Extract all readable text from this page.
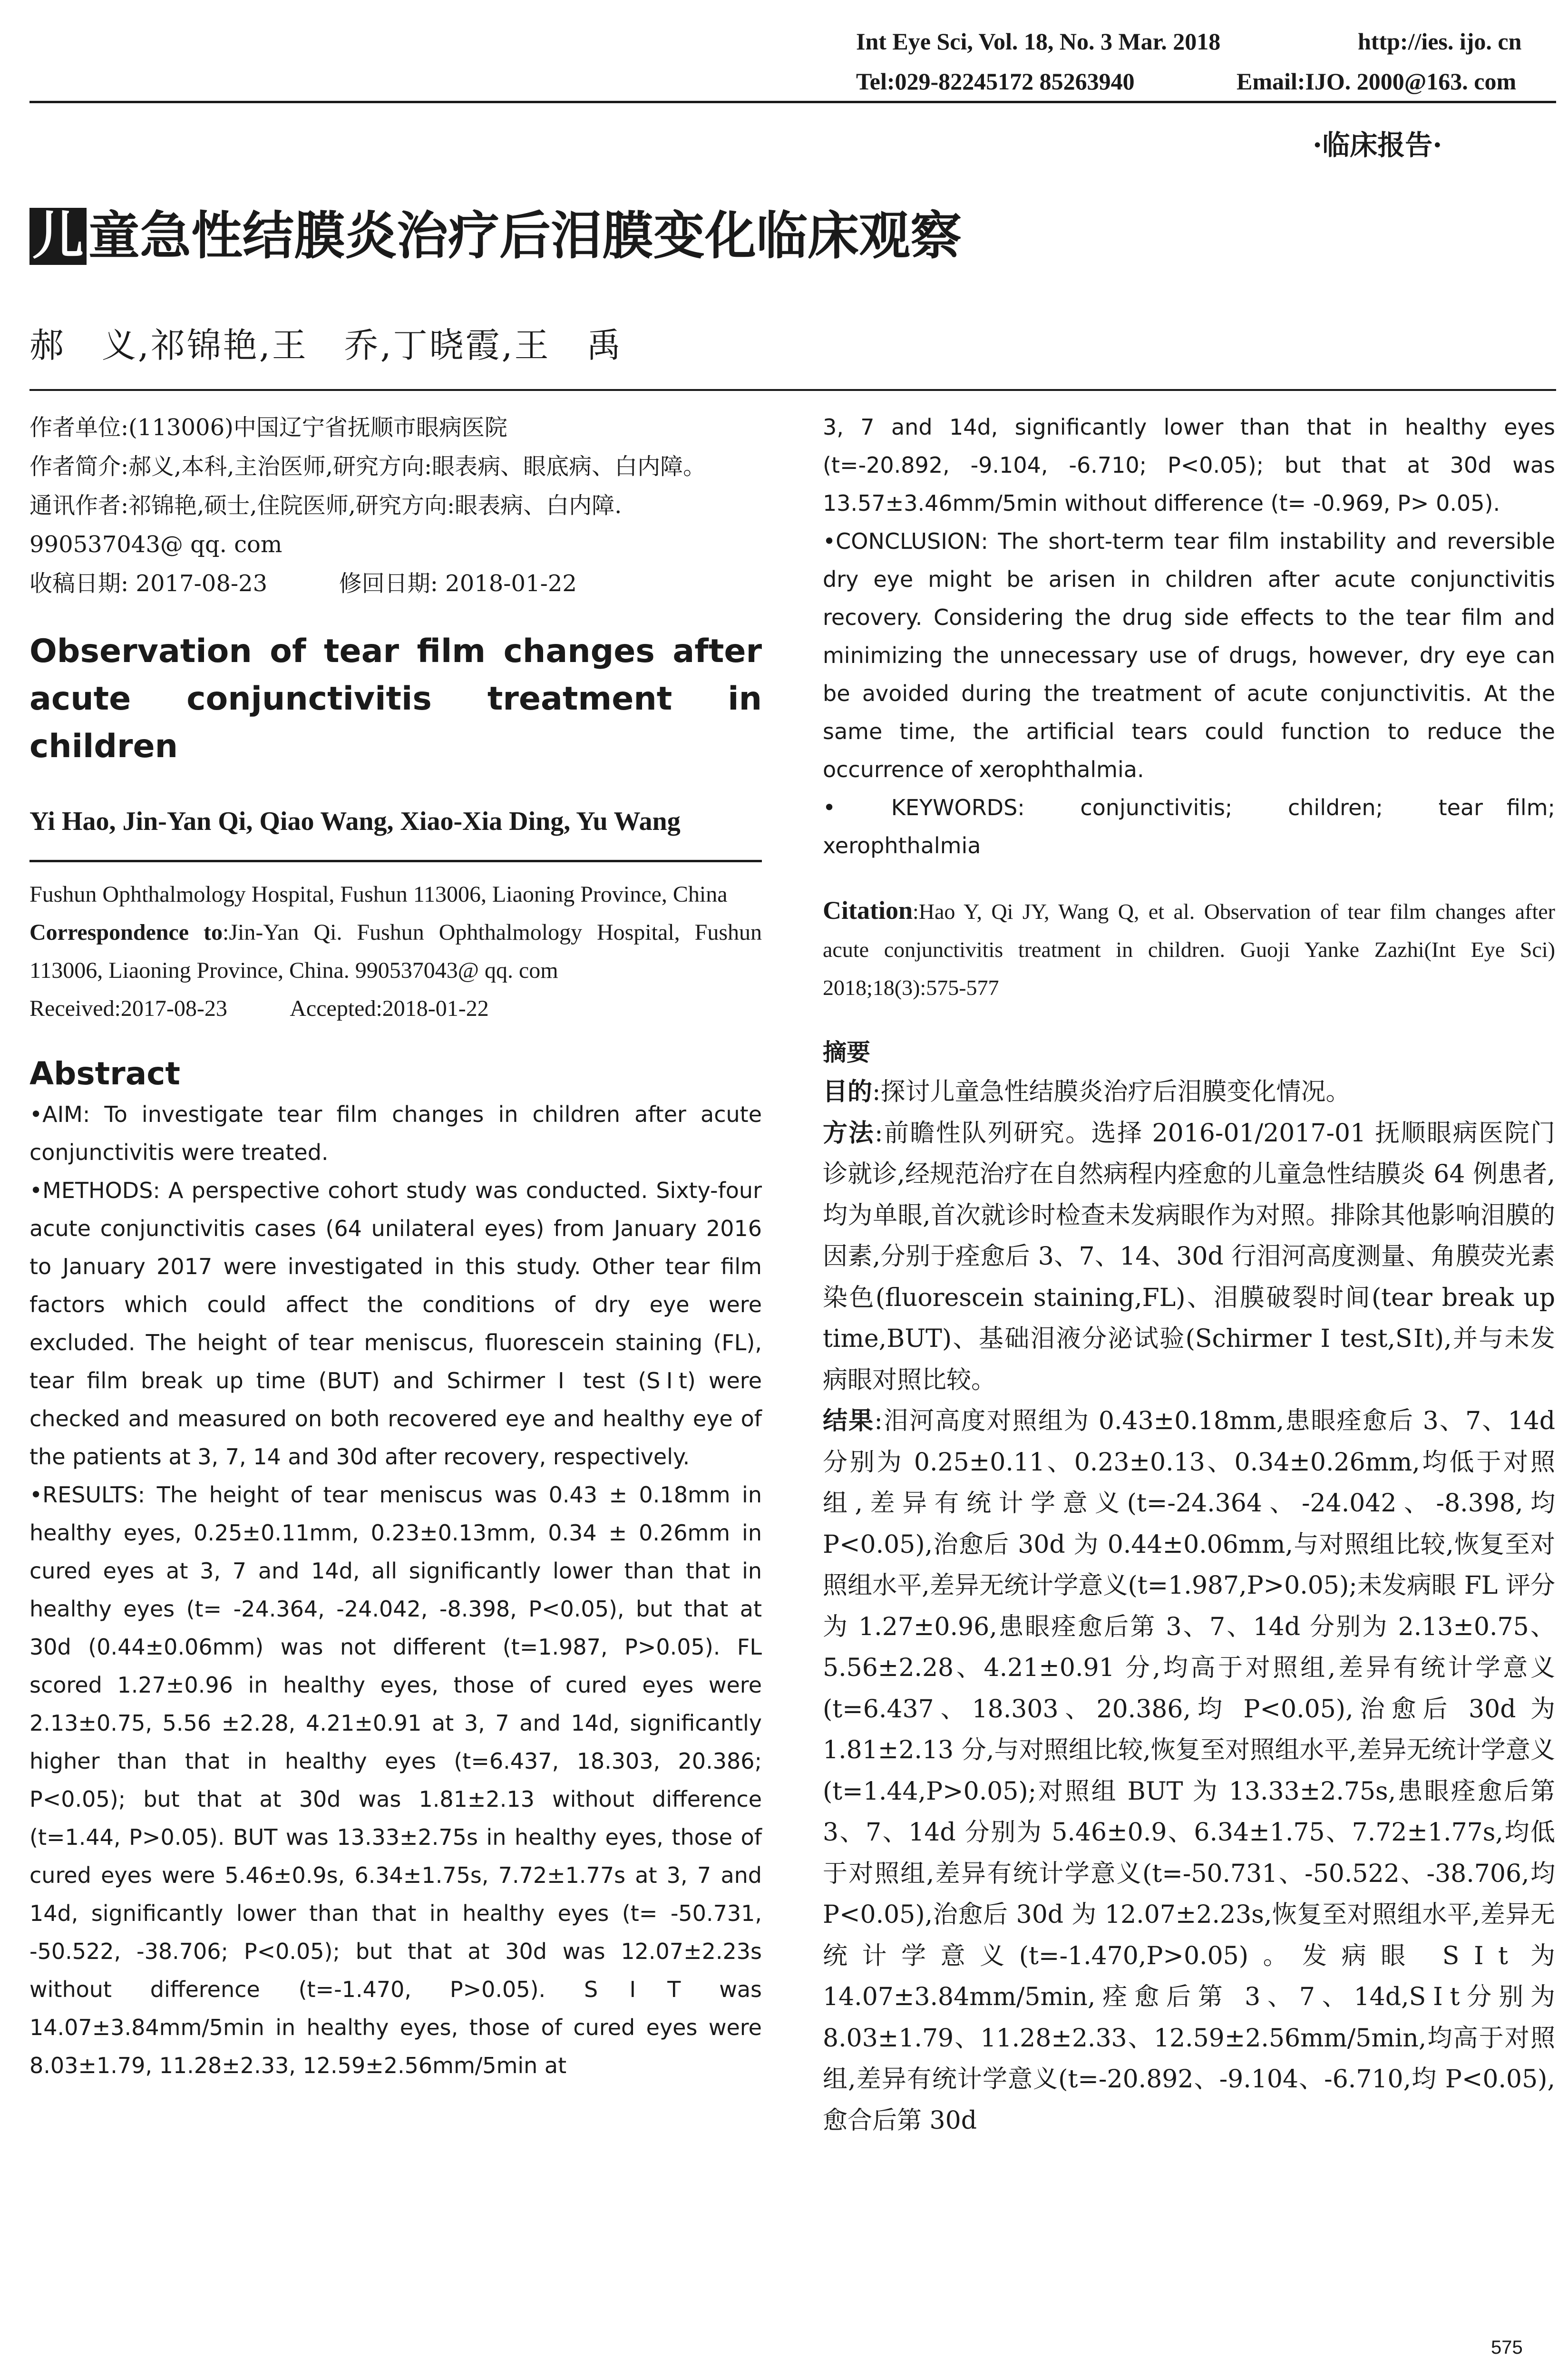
Int Eye Sci, Vol. 18, No. 3 Mar. 2018	http://ies. ijo. cn
Tel:029-82245172 85263940	Email:IJO. 2000@163. com
·临床报告·
儿 童急性结膜炎治疗后泪膜变化临床观察
郝　义,祁锦艳,王　乔,丁晓霞,王　禹
作者单位:(113006)中国辽宁省抚顺市眼病医院
作者简介:郝义,本科,主治医师,研究方向:眼表病、眼底病、白内障。
通讯作者:祁锦艳,硕士,住院医师,研究方向:眼表病、白内障. 990537043@ qq. com
收稿日期: 2017-08-23	修回日期: 2018-01-22
Observation of tear film changes after acute conjunctivitis treatment in children
Yi Hao, Jin-Yan Qi, Qiao Wang, Xiao-Xia Ding, Yu Wang
Fushun Ophthalmology Hospital, Fushun 113006, Liaoning Province, China
Correspondence to:Jin-Yan Qi. Fushun Ophthalmology Hospital, Fushun 113006, Liaoning Province, China. 990537043@ qq. com
Received:2017-08-23	Accepted:2018-01-22
Abstract

•AIM: To investigate tear film changes in children after acute conjunctivitis were treated.

•METHODS: A perspective cohort study was conducted. Sixty-four acute conjunctivitis cases (64 unilateral eyes) from January 2016 to January 2017 were investigated in this study. Other tear film factors which could affect the conditions of dry eye were excluded. The height of tear meniscus, fluorescein staining (FL), tear film break up time (BUT) and Schirmer Ⅰ test (SⅠt) were checked and measured on both recovered eye and healthy eye of the patients at 3, 7, 14 and 30d after recovery, respectively.

•RESULTS: The height of tear meniscus was 0.43 ± 0.18mm in healthy eyes, 0.25±0.11mm, 0.23±0.13mm, 0.34 ± 0.26mm in cured eyes at 3, 7 and 14d, all significantly lower than that in healthy eyes (t= -24.364, -24.042, -8.398, P<0.05), but that at 30d (0.44±0.06mm) was not different (t=1.987, P>0.05). FL scored 1.27±0.96 in healthy eyes, those of cured eyes were 2.13±0.75, 5.56 ±2.28, 4.21±0.91 at 3, 7 and 14d, significantly higher than that in healthy eyes (t=6.437, 18.303, 20.386; P<0.05); but that at 30d was 1.81±2.13 without difference (t=1.44, P>0.05). BUT was 13.33±2.75s in healthy eyes, those of cured eyes were 5.46±0.9s, 6.34±1.75s, 7.72±1.77s at 3, 7 and 14d, significantly lower than that in healthy eyes (t= -50.731, -50.522, -38.706; P<0.05); but that at 30d was 12.07±2.23s without difference (t=-1.470, P>0.05). SⅠT was 14.07±3.84mm/5min in healthy eyes, those of cured eyes were 8.03±1.79, 11.28±2.33, 12.59±2.56mm/5min at

3, 7 and 14d, significantly lower than that in healthy eyes (t=-20.892, -9.104, -6.710; P<0.05); but that at 30d was 13.57±3.46mm/5min without difference (t= -0.969, P> 0.05).

•CONCLUSION: The short-term tear film instability and reversible dry eye might be arisen in children after acute conjunctivitis recovery. Considering the drug side effects to the tear film and minimizing the unnecessary use of drugs, however, dry eye can be avoided during the treatment of acute conjunctivitis. At the same time, the artificial tears could function to reduce the occurrence of xerophthalmia.

•　KEYWORDS:　conjunctivitis;　children;　tear film; xerophthalmia

Citation:Hao Y, Qi JY, Wang Q, et al. Observation of tear film changes after acute conjunctivitis treatment in children. Guoji Yanke Zazhi(Int Eye Sci) 2018;18(3):575-577
摘要

目的:探讨儿童急性结膜炎治疗后泪膜变化情况。

方法:前瞻性队列研究。选择 2016-01/2017-01 抚顺眼病医院门诊就诊,经规范治疗在自然病程内痊愈的儿童急性结膜炎 64 例患者,均为单眼,首次就诊时检查未发病眼作为对照。排除其他影响泪膜的因素,分别于痊愈后 3、7、14、30d 行泪河高度测量、角膜荧光素染色(fluorescein staining,FL)、泪膜破裂时间(tear break up time,BUT)、基础泪液分泌试验(Schirmer Ⅰ test,SⅠt),并与未发病眼对照比较。

结果:泪河高度对照组为 0.43±0.18mm,患眼痊愈后 3、7、14d 分别为 0.25±0.11、0.23±0.13、0.34±0.26mm,均低于对照组,差异有统计学意义(t=-24.364、-24.042、-8.398,均 P<0.05),治愈后 30d 为 0.44±0.06mm,与对照组比较,恢复至对照组水平,差异无统计学意义(t=1.987,P>0.05);未发病眼 FL 评分为 1.27±0.96,患眼痊愈后第 3、7、14d 分别为 2.13±0.75、5.56±2.28、4.21±0.91 分,均高于对照组,差异有统计学意义(t=6.437、18.303、20.386,均 P<0.05),治愈后 30d 为 1.81±2.13 分,与对照组比较,恢复至对照组水平,差异无统计学意义(t=1.44,P>0.05);对照组 BUT 为 13.33±2.75s,患眼痊愈后第 3、7、14d 分别为 5.46±0.9、6.34±1.75、7.72±1.77s,均低于对照组,差异有统计学意义(t=-50.731、-50.522、-38.706,均 P<0.05),治愈后 30d 为 12.07±2.23s,恢复至对照组水平,差异无统计学意义(t=-1.470,P>0.05)。发病眼 SⅠt 为 14.07±3.84mm/5min,痊愈后第 3、7、14d,SⅠt分别为 8.03±1.79、11.28±2.33、12.59±2.56mm/5min,均高于对照组,差异有统计学意义(t=-20.892、-9.104、-6.710,均 P<0.05),愈合后第 30d

575
